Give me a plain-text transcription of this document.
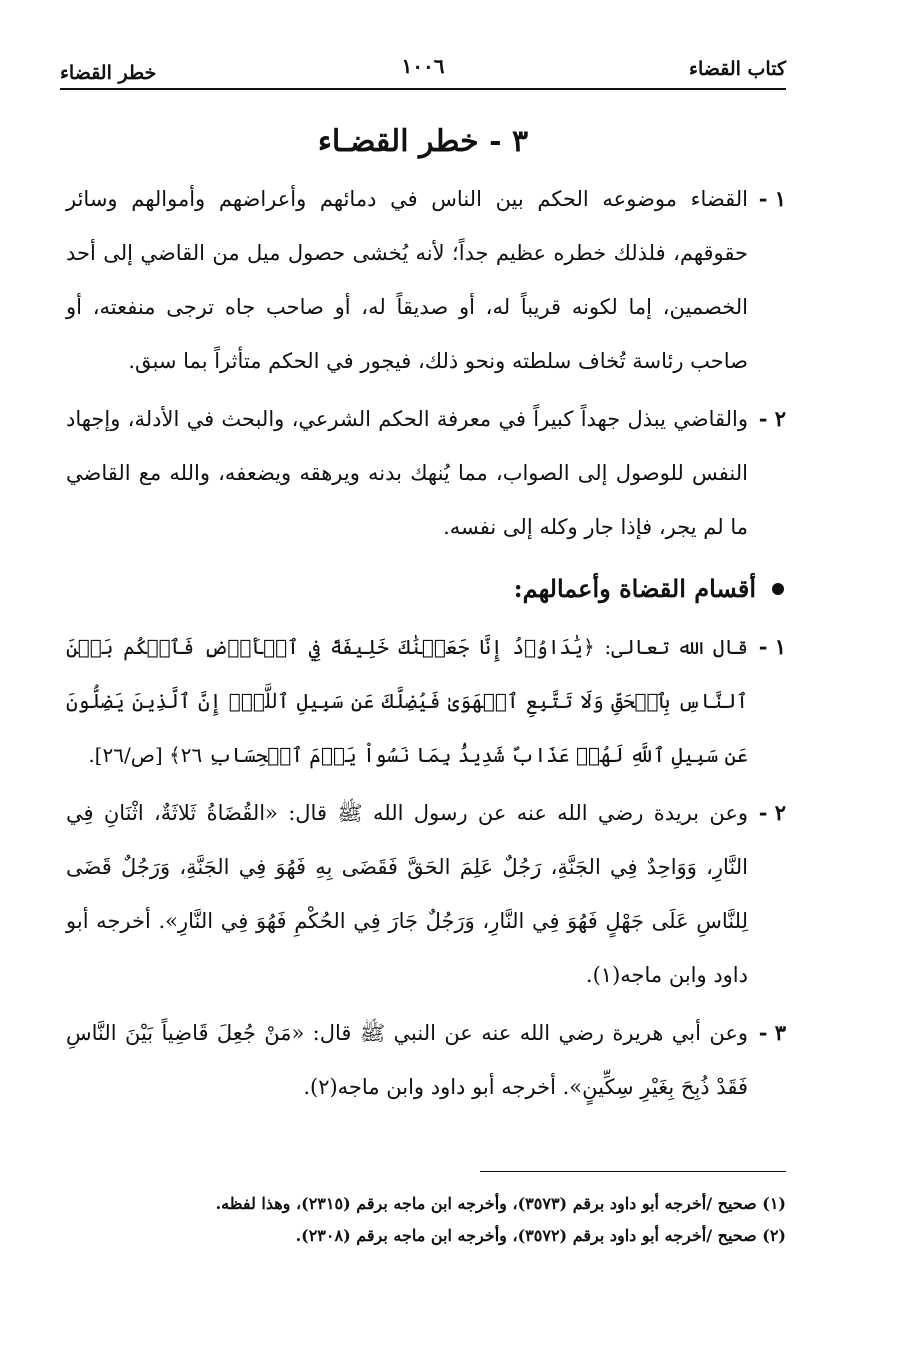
كتاب القضاء
١٠٠٦
خطر القضاء
٣ - خطر القضـاء
١ -
القضاء موضوعه الحكم بين الناس في دمائهم وأعراضهم وأموالهم وسائر حقوقهم، فلذلك خطره عظيم جداً؛ لأنه يُخشى حصول ميل من القاضي إلى أحد الخصمين، إما لكونه قريباً له، أو صديقاً له، أو صاحب جاه ترجى منفعته، أو صاحب رئاسة تُخاف سلطته ونحو ذلك، فيجور في الحكم متأثراً بما سبق.
٢ -
والقاضي يبذل جهداً كبيراً في معرفة الحكم الشرعي، والبحث في الأدلة، وإجهاد النفس للوصول إلى الصواب، مما يُنهك بدنه ويرهقه ويضعفه، والله مع القاضي ما لم يجر، فإذا جار وكله إلى نفسه.
أقسام القضاة وأعمالهم:
١ -
قال الله تعالى: ﴿يَٰدَاوُۥدُ إِنَّا جَعَلۡنَٰكَ خَلِيفَةً فِي ٱلۡأَرۡضِ فَٱحۡكُم بَيۡنَ ٱلنَّاسِ بِٱلۡحَقِّ وَلَا تَتَّبِعِ ٱلۡهَوَىٰ فَيُضِلَّكَ عَن سَبِيلِ ٱللَّهِۚ إِنَّ ٱلَّذِينَ يَضِلُّونَ عَن سَبِيلِ ٱللَّهِ لَهُمۡ عَذَابٌ شَدِيدُۢ بِمَا نَسُواْ يَوۡمَ ٱلۡحِسَابِ ٢٦﴾ [ص/٢٦].
٢ -
وعن بريدة رضي الله عنه عن رسول الله ﷺ قال: «القُضَاةُ ثَلاثَةٌ، اثْنَانِ فِي النَّارِ، وَوَاحِدٌ فِي الجَنَّةِ، رَجُلٌ عَلِمَ الحَقَّ فَقَضَى بِهِ فَهُوَ فِي الجَنَّةِ، وَرَجُلٌ قَضَى لِلنَّاسِ عَلَى جَهْلٍ فَهُوَ فِي النَّارِ، وَرَجُلٌ جَارَ فِي الحُكْمِ فَهُوَ فِي النَّارِ». أخرجه أبو داود وابن ماجه(١).
٣ -
وعن أبي هريرة رضي الله عنه عن النبي ﷺ قال: «مَنْ جُعِلَ قَاضِياً بَيْنَ النَّاسِ فَقَدْ ذُبِحَ بِغَيْرِ سِكِّينٍ». أخرجه أبو داود وابن ماجه(٢).
(١) صحيح /أخرجه أبو داود برقم (٣٥٧٣)، وأخرجه ابن ماجه برقم (٢٣١٥)، وهذا لفظه.
(٢) صحيح /أخرجه أبو داود برقم (٣٥٧٢)، وأخرجه ابن ماجه برقم (٢٣٠٨).
